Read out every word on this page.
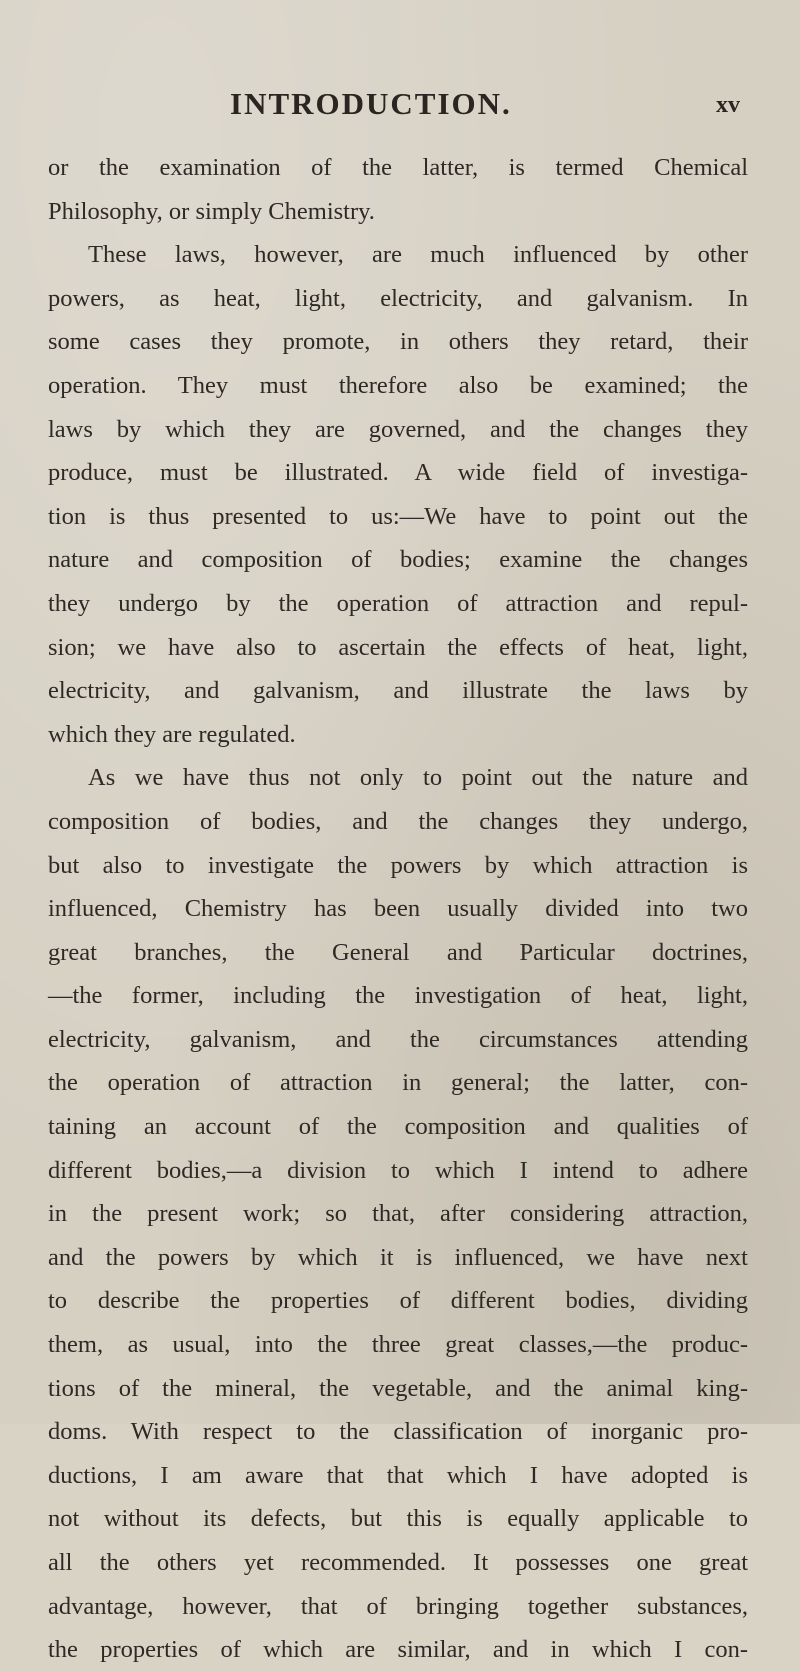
INTRODUCTION.	xv
or the examination of the latter, is termed Chemical
Philosophy, or simply Chemistry.
These laws, however, are much influenced by other
powers, as heat, light, electricity, and galvanism. In
some cases they promote, in others they retard, their
operation. They must therefore also be examined; the
laws by which they are governed, and the changes they
produce, must be illustrated. A wide field of investiga-
tion is thus presented to us:—We have to point out the
nature and composition of bodies; examine the changes
they undergo by the operation of attraction and repul-
sion; we have also to ascertain the effects of heat, light,
electricity, and galvanism, and illustrate the laws by
which they are regulated.
As we have thus not only to point out the nature and
composition of bodies, and the changes they undergo,
but also to investigate the powers by which attraction is
influenced, Chemistry has been usually divided into two
great branches, the General and Particular doctrines,
—the former, including the investigation of heat, light,
electricity, galvanism, and the circumstances attending
the operation of attraction in general; the latter, con-
taining an account of the composition and qualities of
different bodies,—a division to which I intend to adhere
in the present work; so that, after considering attraction,
and the powers by which it is influenced, we have next
to describe the properties of different bodies, dividing
them, as usual, into the three great classes,—the produc-
tions of the mineral, the vegetable, and the animal king-
doms. With respect to the classification of inorganic pro-
ductions, I am aware that that which I have adopted is
not without its defects, but this is equally applicable to
all the others yet recommended. It possesses one great
advantage, however, that of bringing together substances,
the properties of which are similar, and in which I con-
